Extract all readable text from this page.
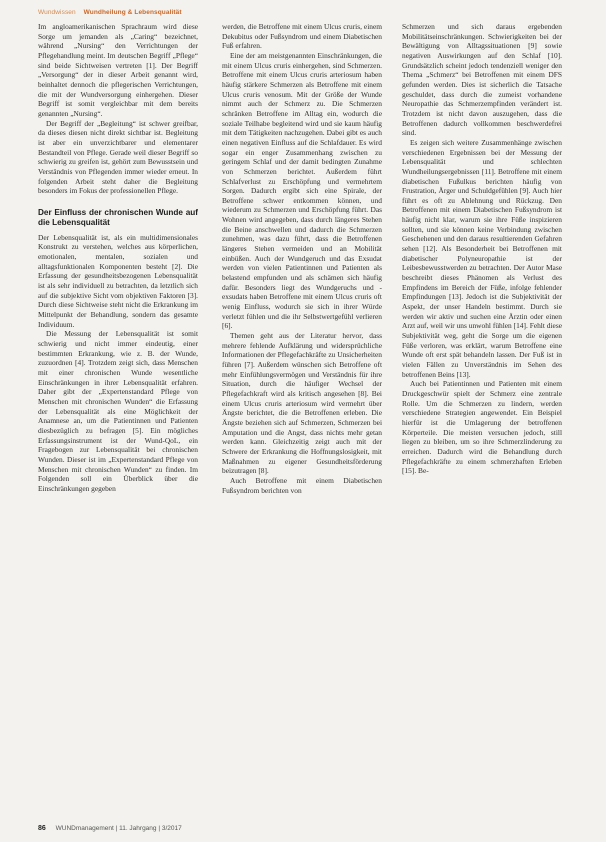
Wundwissen Wundheilung & Lebensqualität

Im angloamerikanischen Sprachraum wird diese Sorge um jemanden als „Caring“ bezeichnet, während „Nursing“ den Verrichtungen der Pflegehandlung meint. Im deutschen Begriff „Pflege“ sind beide Sichtweisen vertreten [1]. Der Begriff „Versorgung“ der in dieser Arbeit genannt wird, beinhaltet dennoch die pflegerischen Verrichtungen, die mit der Wundversorgung einhergehen. Dieser Begriff ist somit vergleichbar mit dem bereits genannten „Nursing“.

Der Begriff der „Begleitung“ ist schwer greifbar, da dieses diesen nicht direkt sichtbar ist. Begleitung ist aber ein unverzichtbarer und elementarer Bestandteil von Pflege. Gerade weil dieser Begriff so schwierig zu greifen ist, gehört zum Bewusstsein und Verständnis von Pflegenden immer wieder erneut. In folgenden Arbeit steht daher die Begleitung besonders im Fokus der professionellen Pflege.

Der Einfluss der chronischen Wunde auf die Lebensqualität

Der Lebensqualität ist, als ein multidimensionales Konstrukt zu verstehen, welches aus körperlichen, emotionalen, mentalen, sozialen und alltagsfunktionalen Komponenten besteht [2]. Die Erfassung der gesundheitsbezogenen Lebensqualität ist als sehr individuell zu betrachten, da letztlich sich auf die subjektive Sicht vom objektiven Faktoren [3]. Durch diese Sichtweise steht nicht die Erkrankung im Mittelpunkt der Behandlung, sondern das gesamte Individuum.

Die Messung der Lebensqualität ist somit schwierig und nicht immer eindeutig, einer bestimmten Erkrankung, wie z. B. der Wunde, zuzuordnen [4]. Trotzdem zeigt sich, dass Menschen mit einer chronischen Wunde wesentliche Einschränkungen in ihrer Lebensqualität erfahren. Daher gibt der „Expertenstandard Pflege von Menschen mit chronischen Wunden“ die Erfassung der Lebensqualität als eine Möglichkeit der Anamnese an, um die Patientinnen und Patienten diesbezüglich zu befragen [5]. Ein mögliches Erfassungsinstrument ist der Wund-QoL, ein Fragebogen zur Lebensqualität bei chronischen Wunden. Dieser ist im „Expertenstandard Pflege von Menschen mit chronischen Wunden“ zu finden. Im Folgenden soll ein Überblick über die Einschränkungen gegeben

werden, die Betroffene mit einem Ulcus cruris, einem Dekubitus oder Fußsyndrom und einem Diabetischen Fuß erfahren.

Eine der am meistgenannten Einschränkungen, die mit einem Ulcus cruris einhergehen, sind Schmerzen. Betroffene mit einem Ulcus cruris arteriosum haben häufig stärkere Schmerzen als Betroffene mit einem Ulcus cruris venosum. Mit der Größe der Wunde nimmt auch der Schmerz zu. Die Schmerzen schränken Betroffene im Alltag ein, wodurch die soziale Teilhabe begleitend wird und sie kaum häufig mit dem Tätigkeiten nachzugehen. Dabei gibt es auch einen negativen Einfluss auf die Schlafdauer. Es wird sogar ein enger Zusammenhang zwischen zu geringem Schlaf und der damit bedingten Zunahme von Schmerzen berichtet. Außerdem führt Schlafverlust zu Erschöpfung und vermehrtem Sorgen. Dadurch ergibt sich eine Spirale, der Betroffene schwer entkommen können, und wiederum zu Schmerzen und Erschöpfung führt. Das Wohnen wird angegeben, dass durch längeres Stehen die Beine anschwellen und dadurch die Schmerzen zunehmen, was dazu führt, dass die Betroffenen längeres Stehen vermeiden und an Mobilität einbüßen. Auch der Wundgeruch und das Exsudat werden von vielen Patientinnen und Patienten als belastend empfunden und als schämen sich häufig dafür. Besonders liegt des Wundgeruchs und -exsudats haben Betroffene mit einem Ulcus cruris oft wenig Einfluss, wodurch sie sich in ihrer Würde verletzt fühlen und die ihr Selbstwertgefühl verlieren [6].

Themen geht aus der Literatur hervor, dass mehrere fehlende Aufklärung und widersprüchliche Informationen der Pflegefachkräfte zu Unsicherheiten führen [7]. Außerdem wünschen sich Betroffene oft mehr Einfühlungsvermögen und Verständnis für ihre Situation, durch die häufiger Wechsel der Pflegefachkraft wird als kritisch angesehen [8]. Bei einem Ulcus cruris arteriosum wird vermehrt über Ängste berichtet, die die Betroffenen erleben. Die Ängste beziehen sich auf Schmerzen, Schmerzen bei Amputation und die Angst, dass nichts mehr getan werden kann. Gleichzeitig zeigt auch mit der Schwere der Erkrankung die Hoffnungslosigkeit, mit Maßnahmen zu eigener Gesundheitsförderung beizutragen [8].

Auch Betroffene mit einem Diabetischen Fußsyndrom berichten von

Schmerzen und sich daraus ergebenden Mobilitätseinschränkungen. Schwierigkeiten bei der Bewältigung von Alltagssituationen [9] sowie negativen Auswirkungen auf den Schlaf [10]. Grundsätzlich scheint jedoch tendenziell weniger den Thema „Schmerz“ bei Betroffenen mit einem DFS gefunden werden. Dies ist sicherlich die Tatsache geschuldet, dass durch die zumeist vorhandene Neuropathie das Schmerzempfinden verändert ist. Trotzdem ist nicht davon auszugehen, dass die Betroffenen dadurch vollkommen beschwerdefrei sind.

Es zeigen sich weitere Zusammenhänge zwischen verschiedenen Ergebnissen bei der Messung der Lebensqualität und schlechten Wundheilungsergebnissen [11]. Betroffene mit einem diabetischen Fußulkus berichten häufig von Frustration, Ärger und Schuldgefühlen [9]. Auch hier führt es oft zu Ablehnung und Rückzug. Den Betroffenen mit einem Diabetischen Fußsyndrom ist häufig nicht klar, warum sie ihre Füße inspizieren sollten, und sie können keine Verbindung zwischen Geschehenen und den daraus resultierenden Gefahren sehen [12]. Als Besonderheit bei Betroffenen mit diabetischer Polyneuropathie ist der Leibesbewusstwerden zu betrachten. Der Autor Mase beschreibt dieses Phänomen als Verlust des Empfindens im Bereich der Füße, infolge fehlender Empfindungen [13]. Jedoch ist die Subjektivität der Aspekt, der unser Handeln bestimmt. Durch sie werden wir aktiv und suchen eine Ärztin oder einen Arzt auf, weil wir uns unwohl fühlen [14]. Fehlt diese Subjektivität weg, geht die Sorge um die eigenen Füße verloren, was erklärt, warum Betroffene eine Wunde oft erst spät behandeln lassen. Der Fuß ist in vielen Fällen zu Unverständnis im Sehen des betroffenen Beins [13].

Auch bei Patientinnen und Patienten mit einem Druckgeschwür spielt der Schmerz eine zentrale Rolle. Um die Schmerzen zu lindern, werden verschiedene Strategien angewendet. Ein Beispiel hierfür ist die Umlagerung der betroffenen Körperteile. Die meisten versuchen jedoch, still liegen zu bleiben, um so ihre Schmerzlinderung zu erreichen. Dadurch wird die Behandlung durch Pflegefachkräfte zu einem schmerzhaften Erleben [15]. Be-

86 WUNDmanagement | 11. Jahrgang | 3/2017
